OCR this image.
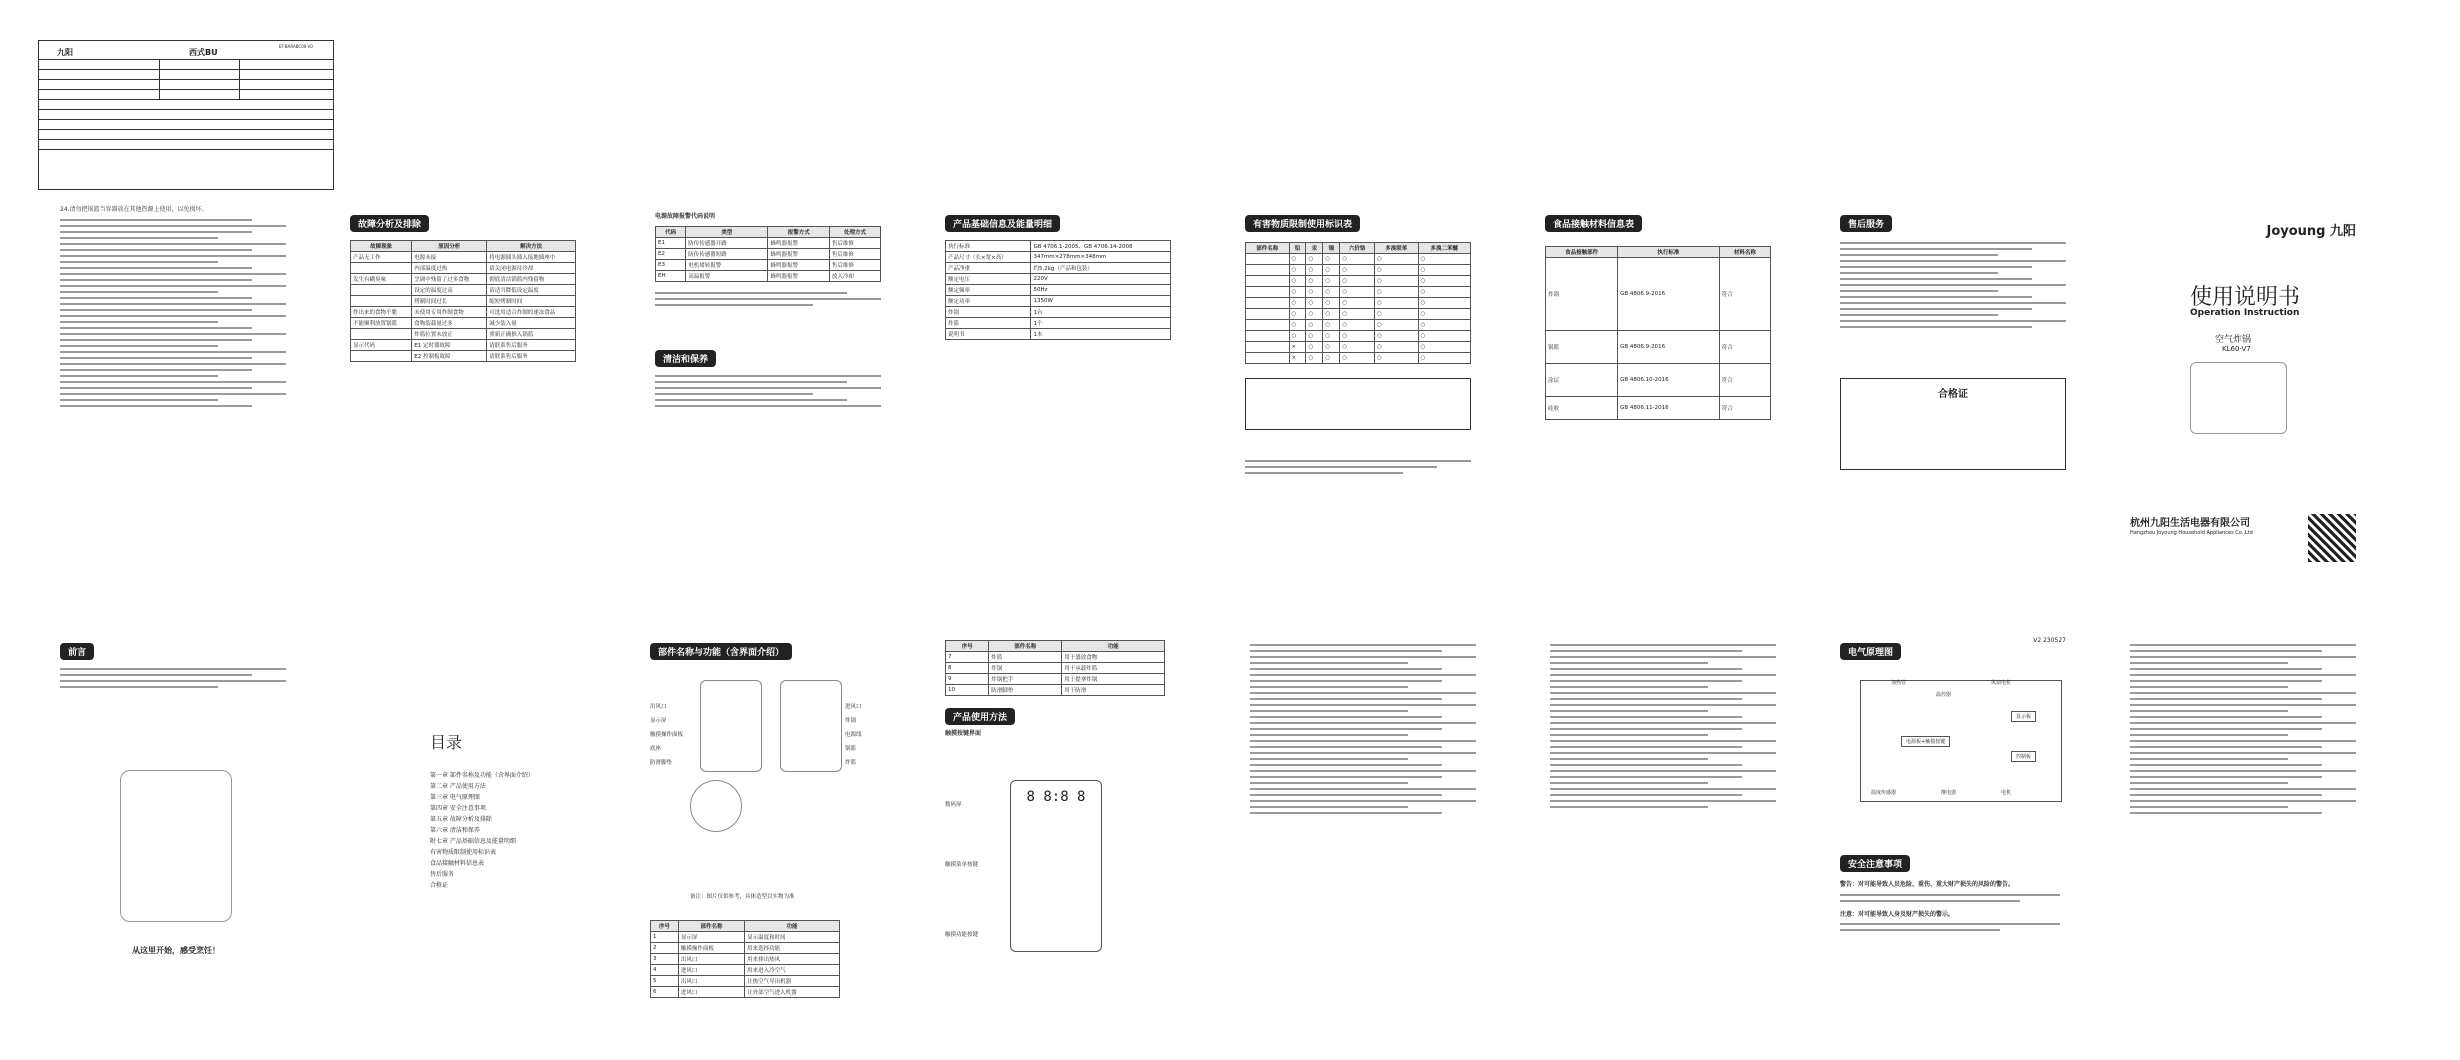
九阳	西式BU
ET-BARABC00-V0
24.清勿把锅篮当容器放在其他热源上使用，以免损坏。
故障分析及排除
故障现象	原因分析	解决方法
产品无工作	电源未接	将电源插头插入接地插座中
	内部温度过热	请关闭电源待冷却
发生有糊臭味	烹调中残留了过多食物	彻底清洁锅篮内残留物
	设定的温度过高	请适当降低设定温度
	烤制时间过长	缩短烤制时间
炸出来的食物不脆	未使用专用炸制食物	可选用适合炸制的速冻食品
不能顺利放置锅篮	食物装载量过多	减少装入量
	炸篮位置未放正	重新正确推入锅篮
显示代码	E1 定时器故障	请联系售后服务
	E2 控制板故障	请联系售后服务
电源故障报警代码说明
代码	类型	报警方式	处理方式
E1	防传传感器开路	蜂鸣器报警	售后维修
E2	防传传感器短路	蜂鸣器报警	售后维修
E3	电机堵转报警	蜂鸣器报警	售后维修
EH	高温报警	蜂鸣器报警	放入冷却
清洁和保养
产品基础信息及能量明细
执行标准	GB 4706.1-2005、GB 4706.14-2008
产品尺寸（长×宽×高）	347mm×278mm×348mm
产品净重	约5.2kg（产品和包装）
额定电压	220V
额定频率	50Hz
额定功率	1350W
炸锅	1台
炸篮	1个
说明书	1本
有害物质限制使用标识表
部件名称	铅	汞	镉	六价铬	多溴联苯	多溴二苯醚
	○	○	○	○	○	○
	○	○	○	○	○	○
	○	○	○	○	○	○
	○	○	○	○	○	○
	○	○	○	○	○	○
	○	○	○	○	○	○
	○	○	○	○	○	○
	○	○	○	○	○	○
	×	○	○	○	○	○
	×	○	○	○	○	○
食品接触材料信息表
食品接触部件	执行标准	材料名称
炸锅	GB 4806.9-2016	符合
锅篮	GB 4806.9-2016	符合
涂层	GB 4806.10-2016	符合
硅胶	GB 4806.11-2016	符合
售后服务
合格证
V2 230527
Joyoung 九阳
使用说明书
Operation Instruction
空气炸锅
KL60-V7
杭州九阳生活电器有限公司
Hangzhou Joyoung Household Appliances Co.,Ltd
前言
从这里开始，感受烹饪！
目录
第一章 部件名称及功能（含界面介绍）
第二章 产品使用方法
第三章 电气原理图
第四章 安全注意事项
第五章 故障分析及排除
第六章 清洁和保养
附七章 产品基础信息及能量明细
有害物质限制使用标识表
食品接触材料信息表
售后服务
合格证
部件名称与功能（含界面介绍）
出风口
显示屏
触摸操作面板
底座
防滑脚垫
进风口
炸锅
电源线
锅篮
炸篮
备注：图片仅供参考，具体造型以实物为准
序号	部件名称	功能
1	显示屏	显示温度和时间
2	触摸操作面板	用来选择功能
3	出风口	用来排出热风
4	进风口	用来进入冷空气
5	出风口	让热空气导出机器
6	进风口	让外部空气进入机器
序号	部件名称	功能
7	炸篮	用于盛放食物
8	炸锅	用于承载炸篮
9	炸锅把手	用于提拿炸锅
10	防滑脚垫	用于防滑
产品使用方法
触摸按键界面
8 8:8 8
数码屏
触摸菜单按键
触摸功能按键
电气原理图
加热管
温控器
风扇电机
电源板+触摸按键
显示板
控制板
温度传感器	继电器	电机
安全注意事项
警告：对可能导致人员危险、重伤、重大财产损失的风险的警告。
注意：对可能导致人身及财产损失的警示。
